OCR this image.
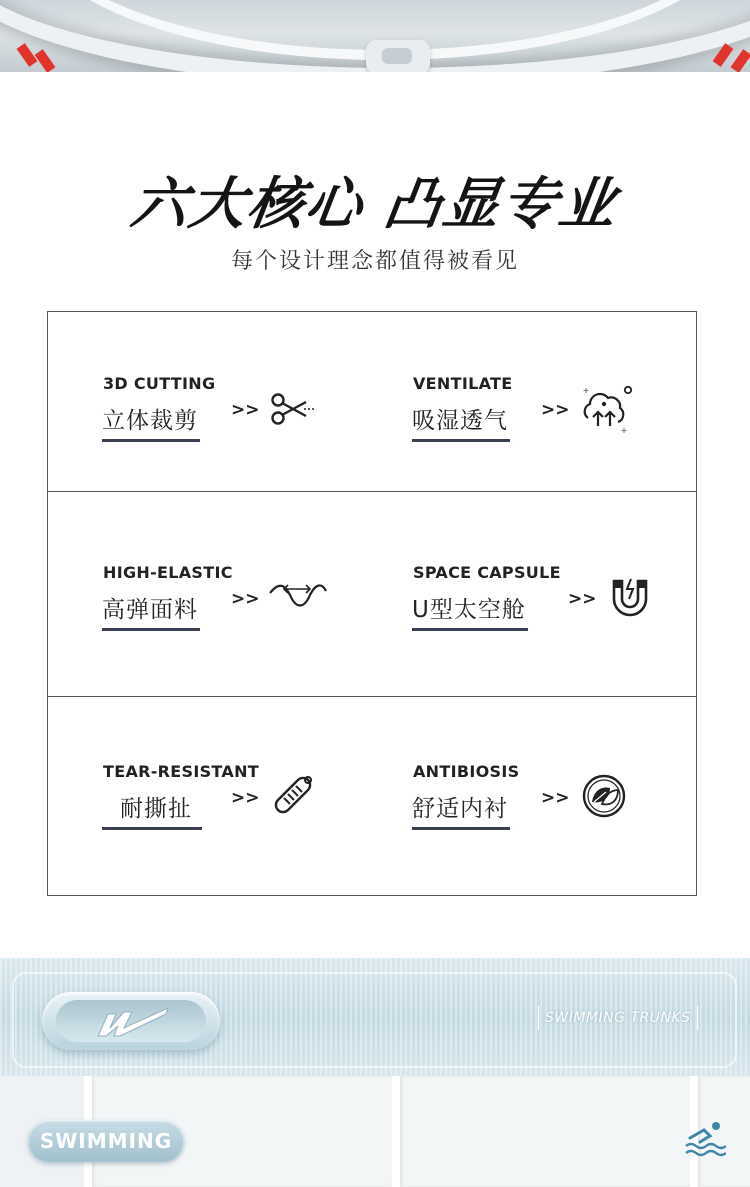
六大核心 凸显专业
每个设计理念都值得被看见
3D CUTTING
立体裁剪 >>
VENTILATE
吸湿透气 >>
HIGH-ELASTIC
高弹面料 >>
SPACE CAPSULE
U型太空舱 >>
TEAR-RESISTANT
耐撕扯	>>
ANTIBIOSIS
舒适内衬 >>
SWIMMING TRUNKS
SWIMMING
